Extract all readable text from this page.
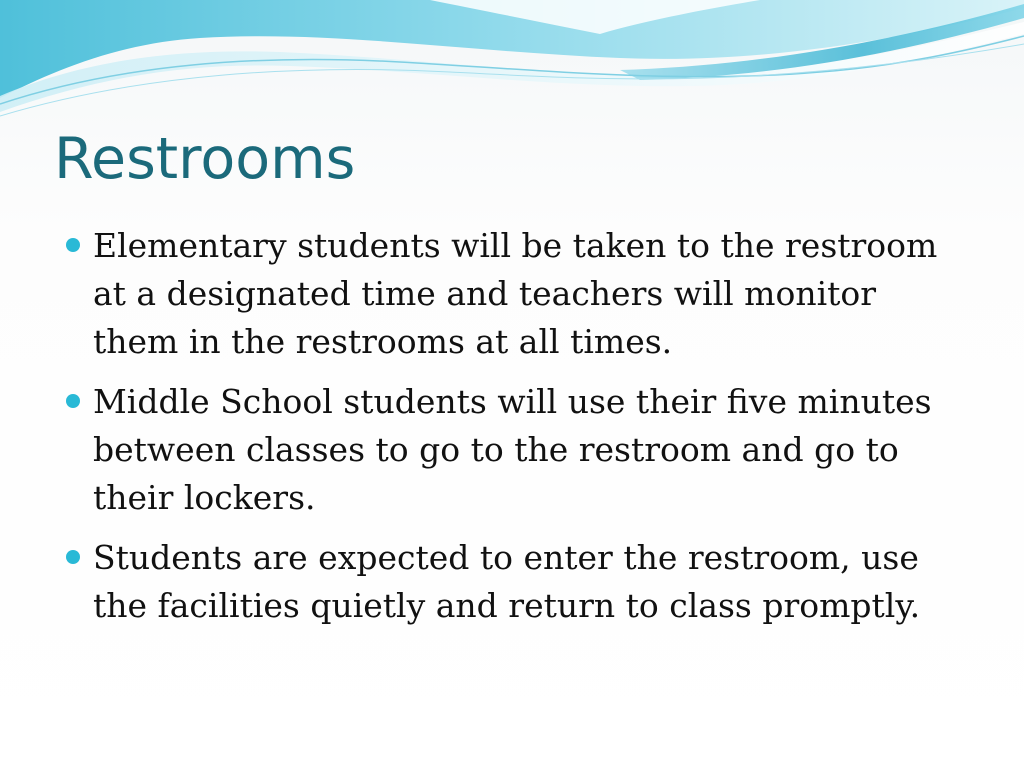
Restrooms
Elementary students will be taken to the restroom at a designated time and teachers will monitor them in the restrooms at all times.
Middle School students will use their five minutes between classes to go to the restroom and go to their lockers.
Students are expected to enter the restroom, use the facilities quietly and return to class promptly.
